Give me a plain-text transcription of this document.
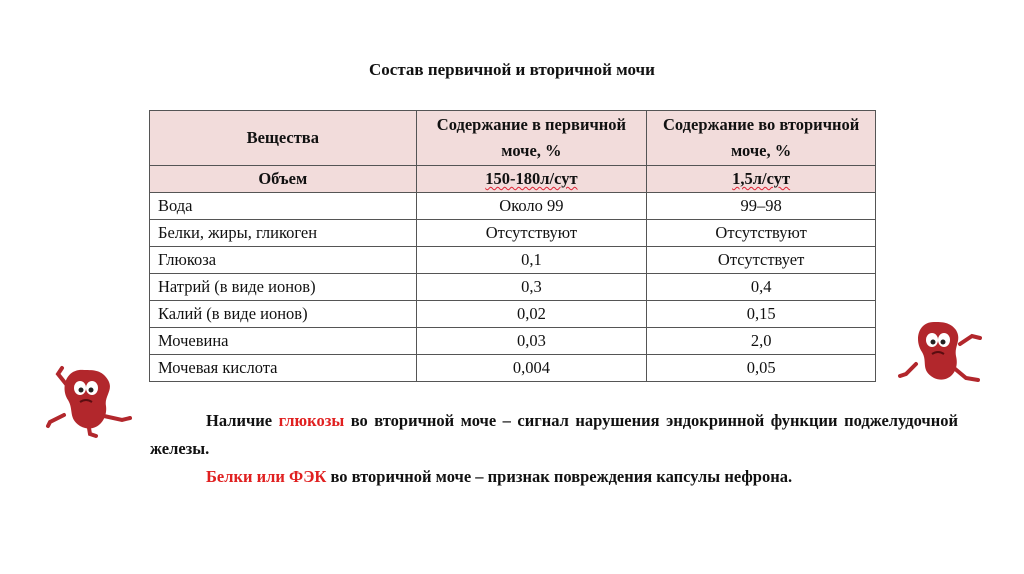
Состав первичной и вторичной мочи
Вещества	Содержание в первичной моче, %	Содержание во вторичной моче, %
Объем	150-180л/сут	1,5л/сут
Вода	Около 99	99–98
Белки, жиры, гликоген	Отсутствуют	Отсутствуют
Глюкоза	0,1	Отсутствует
Натрий (в виде ионов)	0,3	0,4
Калий (в виде ионов)	0,02	0,15
Мочевина	0,03	2,0
Мочевая кислота	0,004	0,05
Наличие глюкозы во вторичной моче – сигнал нарушения эндокринной функции поджелудочной железы.
Белки или ФЭК во вторичной моче – признак повреждения капсулы нефрона.
